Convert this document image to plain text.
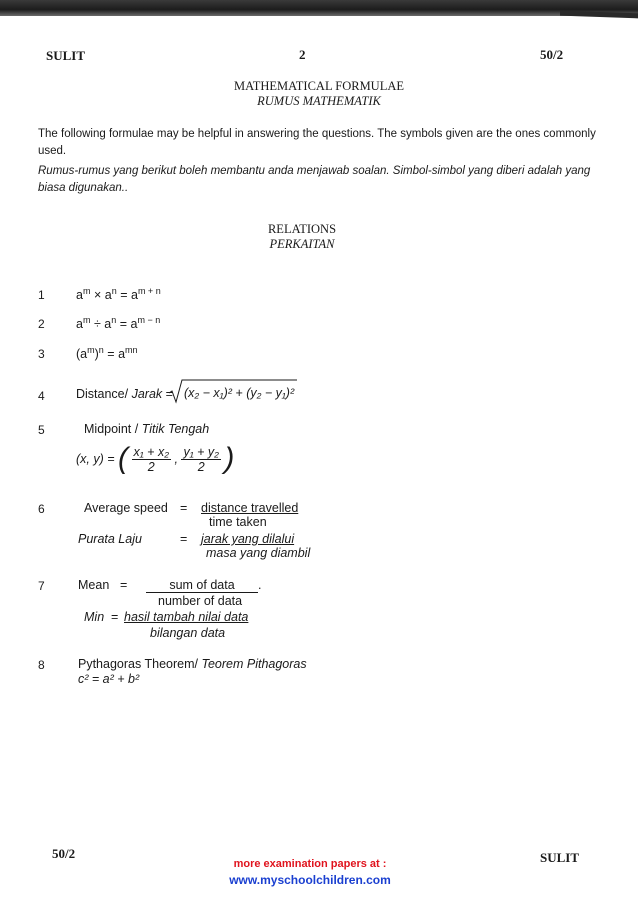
SULIT	2	50/2
MATHEMATICAL FORMULAE
RUMUS MATHEMATIK
The following formulae may be helpful in answering the questions. The symbols given are the ones commonly used.
Rumus-rumus yang berikut boleh membantu anda menjawab soalan. Simbol-simbol yang diberi adalah yang biasa digunakan..
RELATIONS
PERKAITAN
1	$a^m \times a^n = a^{m + n}$
2	$a^m \div a^n = a^{m - n}$
3	$(a^m)^n = a^{mn}$
4	Distance/ Jarak = (x₂ − x₁)² + (y₂ − y₁)²
5	Midpoint / Titik Tengah
(x, y) = ( $\frac{\text{x₁ + x₂}}{2}$ , $\frac{\text{y₁ + y₂}}{2}$ )
6	Average speed = distance travelled
time taken
Purata Laju	= jarak yang dilalui
masa yang diambil
7	Mean =	sum of data	.
number of data
Min = hasil tambah nilai data
bilangan data
8	Pythagoras Theorem/ Teorem Pithagoras
c² = a² + b²
50/2	SULIT
more examination papers at :
www.myschoolchildren.com
